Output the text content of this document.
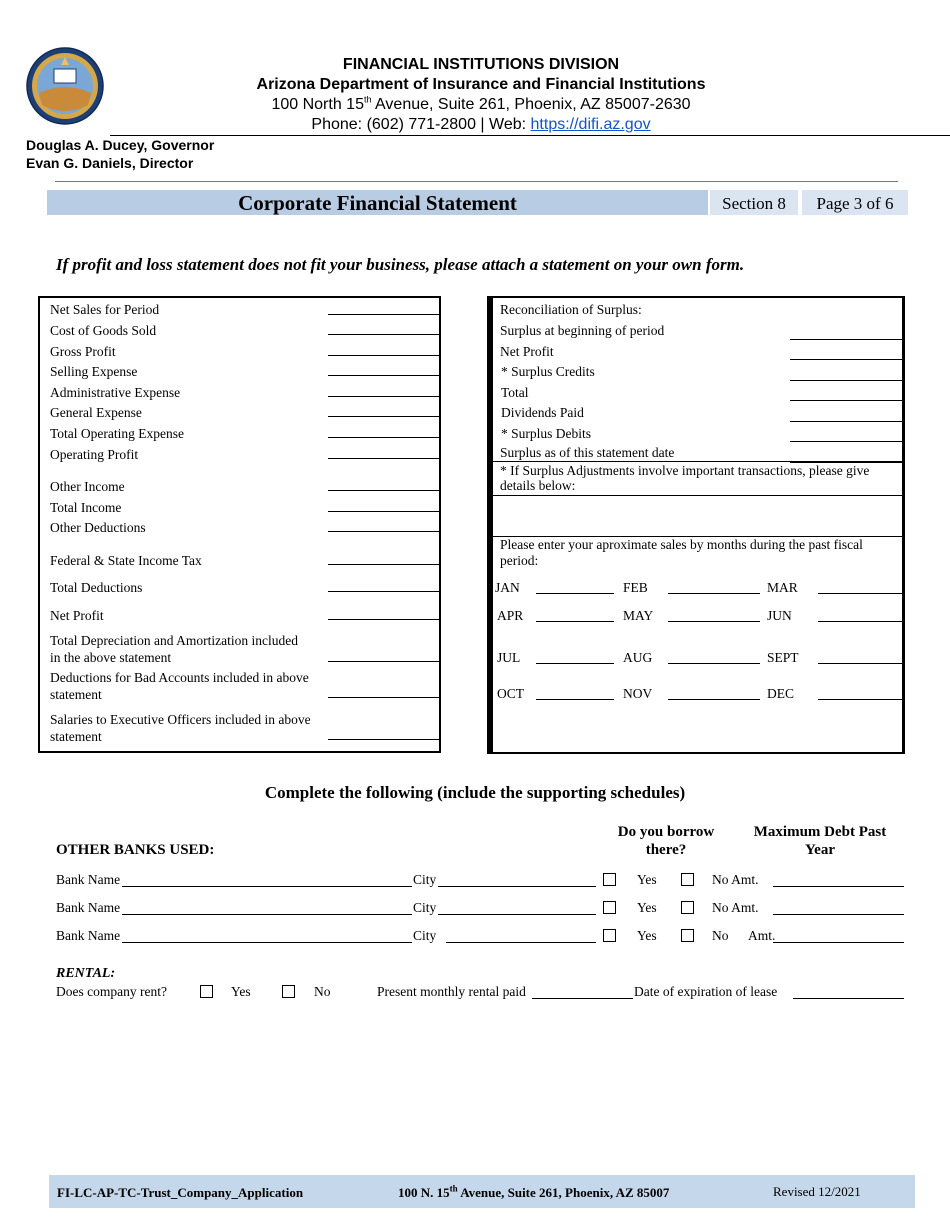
FINANCIAL INSTITUTIONS DIVISION
Arizona Department of Insurance and Financial Institutions
100 North 15th Avenue, Suite 261, Phoenix, AZ 85007-2630
Phone: (602) 771-2800 | Web: https://difi.az.gov
Douglas A. Ducey, Governor
Evan G. Daniels, Director
Corporate Financial Statement	Section 8	Page 3 of 6
If profit and loss statement does not fit your business, please attach a statement on your own form.
Net Sales for Period
Cost of Goods Sold
Gross Profit
Selling Expense
Administrative Expense
General Expense
Total Operating Expense
Operating Profit
Other Income
Total Income
Other Deductions
Federal & State Income Tax
Total Deductions
Net Profit
Total Depreciation and Amortization included
in the above statement
Deductions for Bad Accounts included in above
statement
Salaries to Executive Officers included in above
statement
Reconciliation of Surplus:
Surplus at beginning of period
Net Profit
* Surplus Credits
Total
Dividends Paid
* Surplus Debits
Surplus as of this statement date
* If Surplus Adjustments involve important transactions, please give
details below:
Please enter your aproximate sales by months during the past fiscal
period:
JAN	FEB	MAR
APR	MAY	JUN
JUL	AUG	SEPT
OCT	NOV	DEC
Complete the following (include the supporting schedules)
Do you borrow
there?
Maximum Debt Past
Year
OTHER BANKS USED:
Bank Name	City	Yes	No Amt.
Bank Name	City	Yes	No Amt.
Bank Name	City	Yes	No Amt.
RENTAL:
Does company rent?	Yes	No	Present monthly rental paid	Date of expiration of lease
FI-LC-AP-TC-Trust_Company_Application	100 N. 15th Avenue, Suite 261, Phoenix, AZ 85007	Revised 12/2021
